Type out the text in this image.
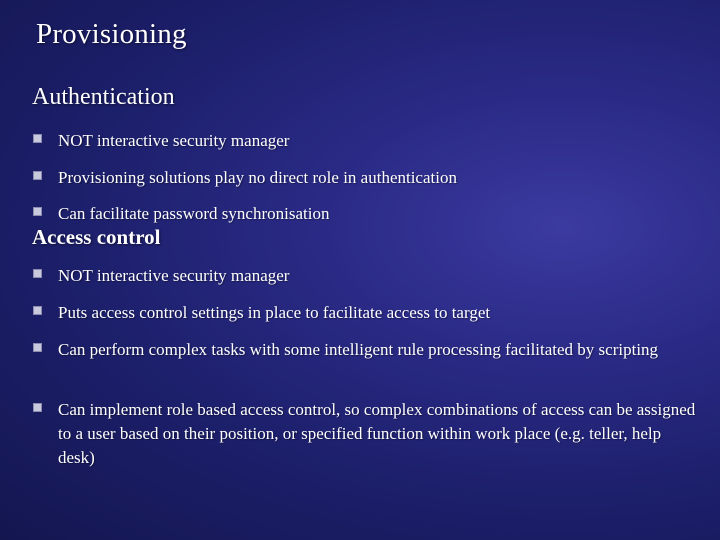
Provisioning
Authentication
NOT interactive security manager
Provisioning solutions play no direct role in authentication
Can facilitate password synchronisation
Access control
NOT interactive security manager
Puts access control settings in place to facilitate access to target
Can perform complex tasks with some intelligent rule processing facilitated by scripting
Can implement role based access control, so complex combinations of access can be assigned to a user based on their position, or specified function within work place (e.g. teller, help desk)
